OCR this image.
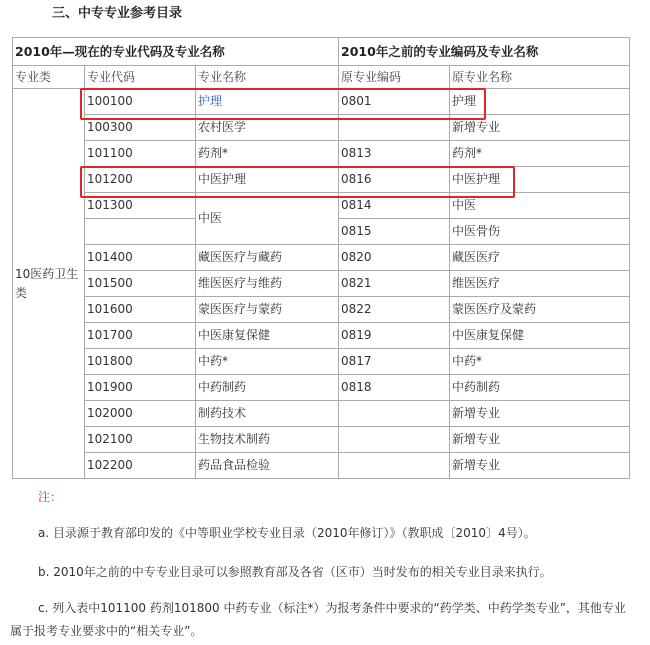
三、中专专业参考目录
2010年—现在的专业代码及专业名称			2010年之前的专业编码及专业名称	
专业类	专业代码	专业名称	原专业编码	原专业名称
10医药卫生类	100100	护理	0801	护理
	100300	农村医学		新增专业
	101100	药剂*	0813	药剂*
	101200	中医护理	0816	中医护理
	101300	中医	0814	中医
			0815	中医骨伤
	101400	藏医医疗与藏药	0820	藏医医疗
	101500	维医医疗与维药	0821	维医医疗
	101600	蒙医医疗与蒙药	0822	蒙医医疗及蒙药
	101700	中医康复保健	0819	中医康复保健
	101800	中药*	0817	中药*
	101900	中药制药	0818	中药制药
	102000	制药技术		新增专业
	102100	生物技术制药		新增专业
	102200	药品食品检验		新增专业
注：
a. 目录源于教育部印发的《中等职业学校专业目录（2010年修订）》（教职成〔2010〕4号）。
b. 2010年之前的中专专业目录可以参照教育部及各省（区市）当时发布的相关专业目录来执行。
c. 列入表中101100 药剂101800 中药专业（标注*）为报考条件中要求的“药学类、中药学类专业”，其他专业属于报考专业要求中的“相关专业”。
